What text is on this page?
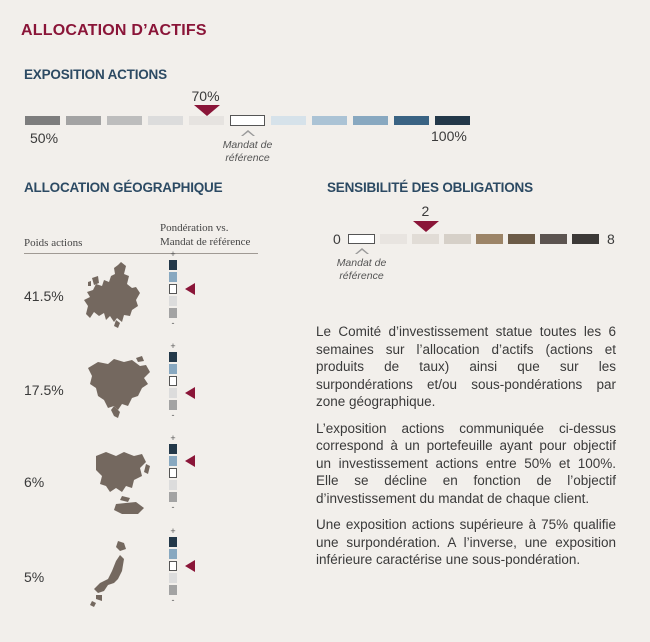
ALLOCATION D’ACTIFS
EXPOSITION ACTIONS
70%
50%	100%
Mandat de
référence
ALLOCATION GÉOGRAPHIQUE
Poids actions
Pondération vs.
Mandat de référence
41.5%
+
-
17.5%
+
-
6%
+
-
5%
+
-
SENSIBILITÉ DES OBLIGATIONS
0	8
2
Mandat de
référence

Le Comité d’investissement statue toutes les 6 semaines sur l’allocation d’actifs (actions et produits de taux) ainsi que sur les surpondérations et/ou sous-pondérations par zone géographique.

L’exposition actions communiquée ci-dessus correspond à un portefeuille ayant pour objectif un investissement actions entre 50% et 100%. Elle se décline en fonction de l’objectif d’investissement du mandat de chaque client.

Une exposition actions supérieure à 75% qualifie une surpondération. A l’inverse, une exposition inférieure caractérise une sous-pondération.
